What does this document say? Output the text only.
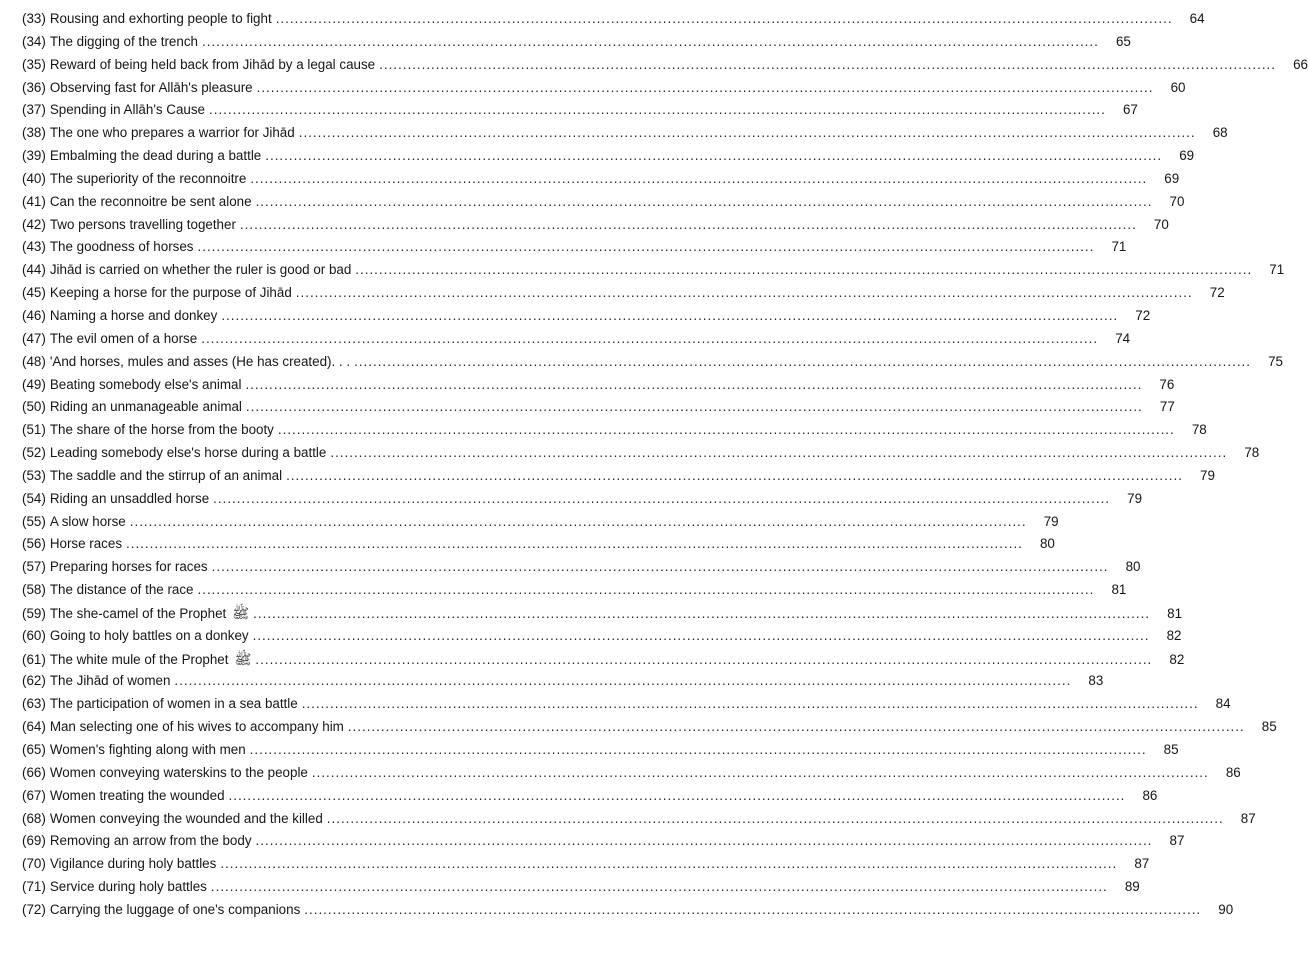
(33) Rousing and exhorting people to fight .....	64
(34) The digging of the trench .....	65
(35) Reward of being held back from Jihād by a legal cause .....	66
(36) Observing fast for Allāh's pleasure .....	60
(37) Spending in Allāh's Cause .....	67
(38) The one who prepares a warrior for Jihād .....	68
(39) Embalming the dead during a battle .....	69
(40) The superiority of the reconnoitre .....	69
(41) Can the reconnoitre be sent alone .....	70
(42) Two persons travelling together .....	70
(43) The goodness of horses .....	71
(44) Jihād is carried on whether the ruler is good or bad .....	71
(45) Keeping a horse for the purpose of Jihād .....	72
(46) Naming a horse and donkey .....	72
(47) The evil omen of a horse .....	74
(48) 'And horses, mules and asses (He has created). . . .....	75
(49) Beating somebody else's animal .....	76
(50) Riding an unmanageable animal .....	77
(51) The share of the horse from the booty .....	78
(52) Leading somebody else's horse during a battle .....	78
(53) The saddle and the stirrup of an animal .....	79
(54) Riding an unsaddled horse .....	79
(55) A slow horse .....	79
(56) Horse races .....	80
(57) Preparing horses for races .....	80
(58) The distance of the race .....	81
(59) The she-camel of the Prophet ﷺ .....	81
(60) Going to holy battles on a donkey .....	82
(61) The white mule of the Prophet ﷺ .....	82
(62) The Jihād of women .....	83
(63) The participation of women in a sea battle .....	84
(64) Man selecting one of his wives to accompany him .....	85
(65) Women's fighting along with men .....	85
(66) Women conveying waterskins to the people .....	86
(67) Women treating the wounded .....	86
(68) Women conveying the wounded and the killed .....	87
(69) Removing an arrow from the body .....	87
(70) Vigilance during holy battles .....	87
(71) Service during holy battles .....	89
(72) Carrying the luggage of one's companions .....	90
